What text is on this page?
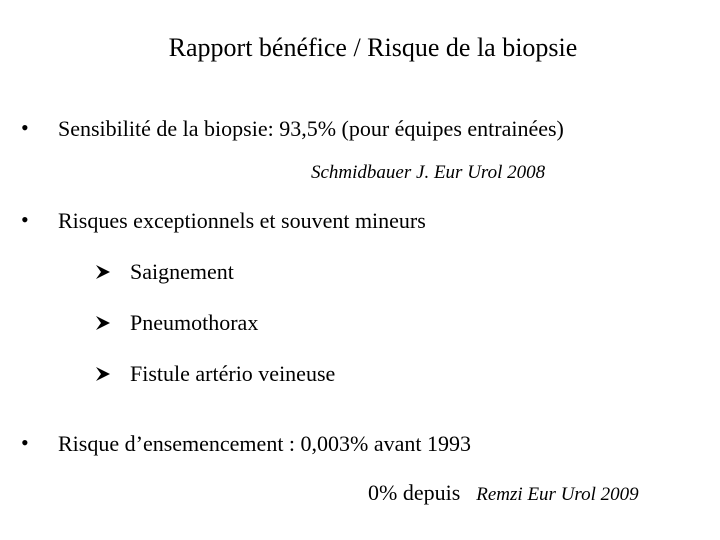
Rapport bénéfice / Risque de la biopsie
• Sensibilité de la biopsie: 93,5% (pour équipes entrainées)
Schmidbauer J. Eur Urol 2008
• Risques exceptionnels et souvent mineurs
Saignement
Pneumothorax
Fistule artério veineuse
• Risque d’ensemencement : 0,003% avant 1993
0% depuis Remzi Eur Urol 2009
